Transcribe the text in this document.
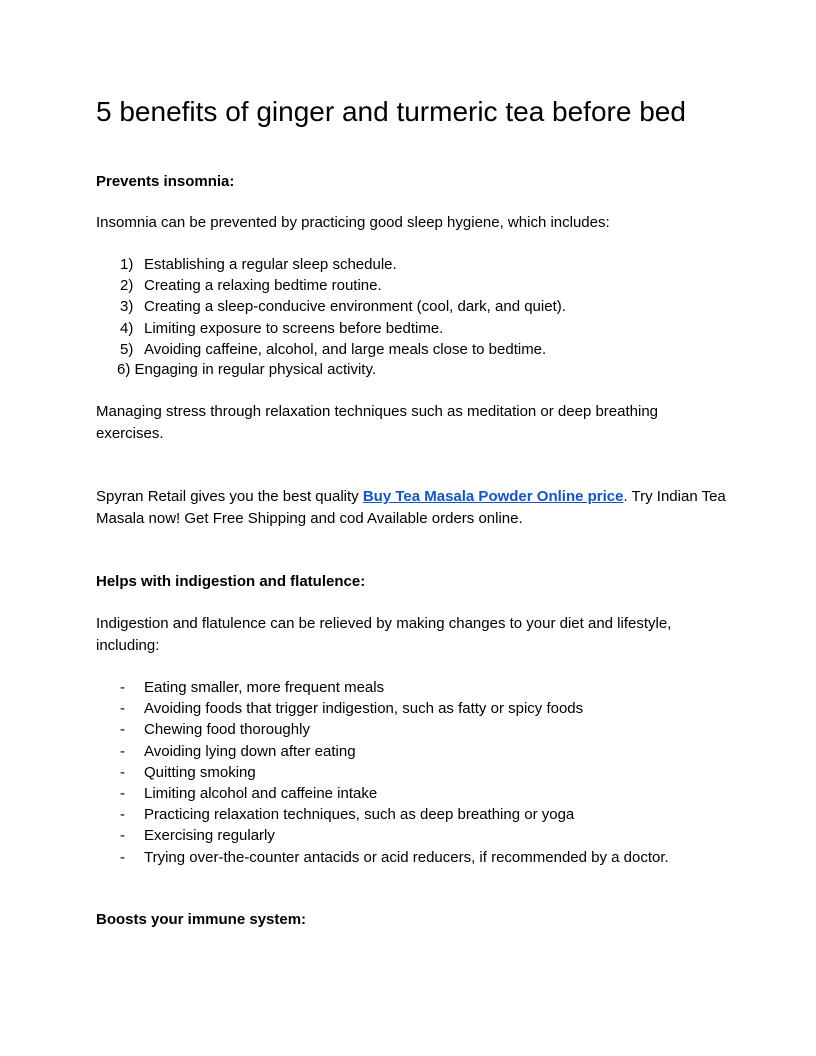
5 benefits of ginger and turmeric tea before bed
Prevents insomnia:
Insomnia can be prevented by practicing good sleep hygiene, which includes:
1) Establishing a regular sleep schedule.
2) Creating a relaxing bedtime routine.
3) Creating a sleep-conducive environment (cool, dark, and quiet).
4) Limiting exposure to screens before bedtime.
5) Avoiding caffeine, alcohol, and large meals close to bedtime.
6) Engaging in regular physical activity.
Managing stress through relaxation techniques such as meditation or deep breathing exercises.
Spyran Retail gives you the best quality Buy Tea Masala Powder Online price. Try Indian Tea Masala now! Get Free Shipping and cod Available orders online.
Helps with indigestion and flatulence:
Indigestion and flatulence can be relieved by making changes to your diet and lifestyle, including:
- Eating smaller, more frequent meals
- Avoiding foods that trigger indigestion, such as fatty or spicy foods
- Chewing food thoroughly
- Avoiding lying down after eating
- Quitting smoking
- Limiting alcohol and caffeine intake
- Practicing relaxation techniques, such as deep breathing or yoga
- Exercising regularly
- Trying over-the-counter antacids or acid reducers, if recommended by a doctor.
Boosts your immune system:
